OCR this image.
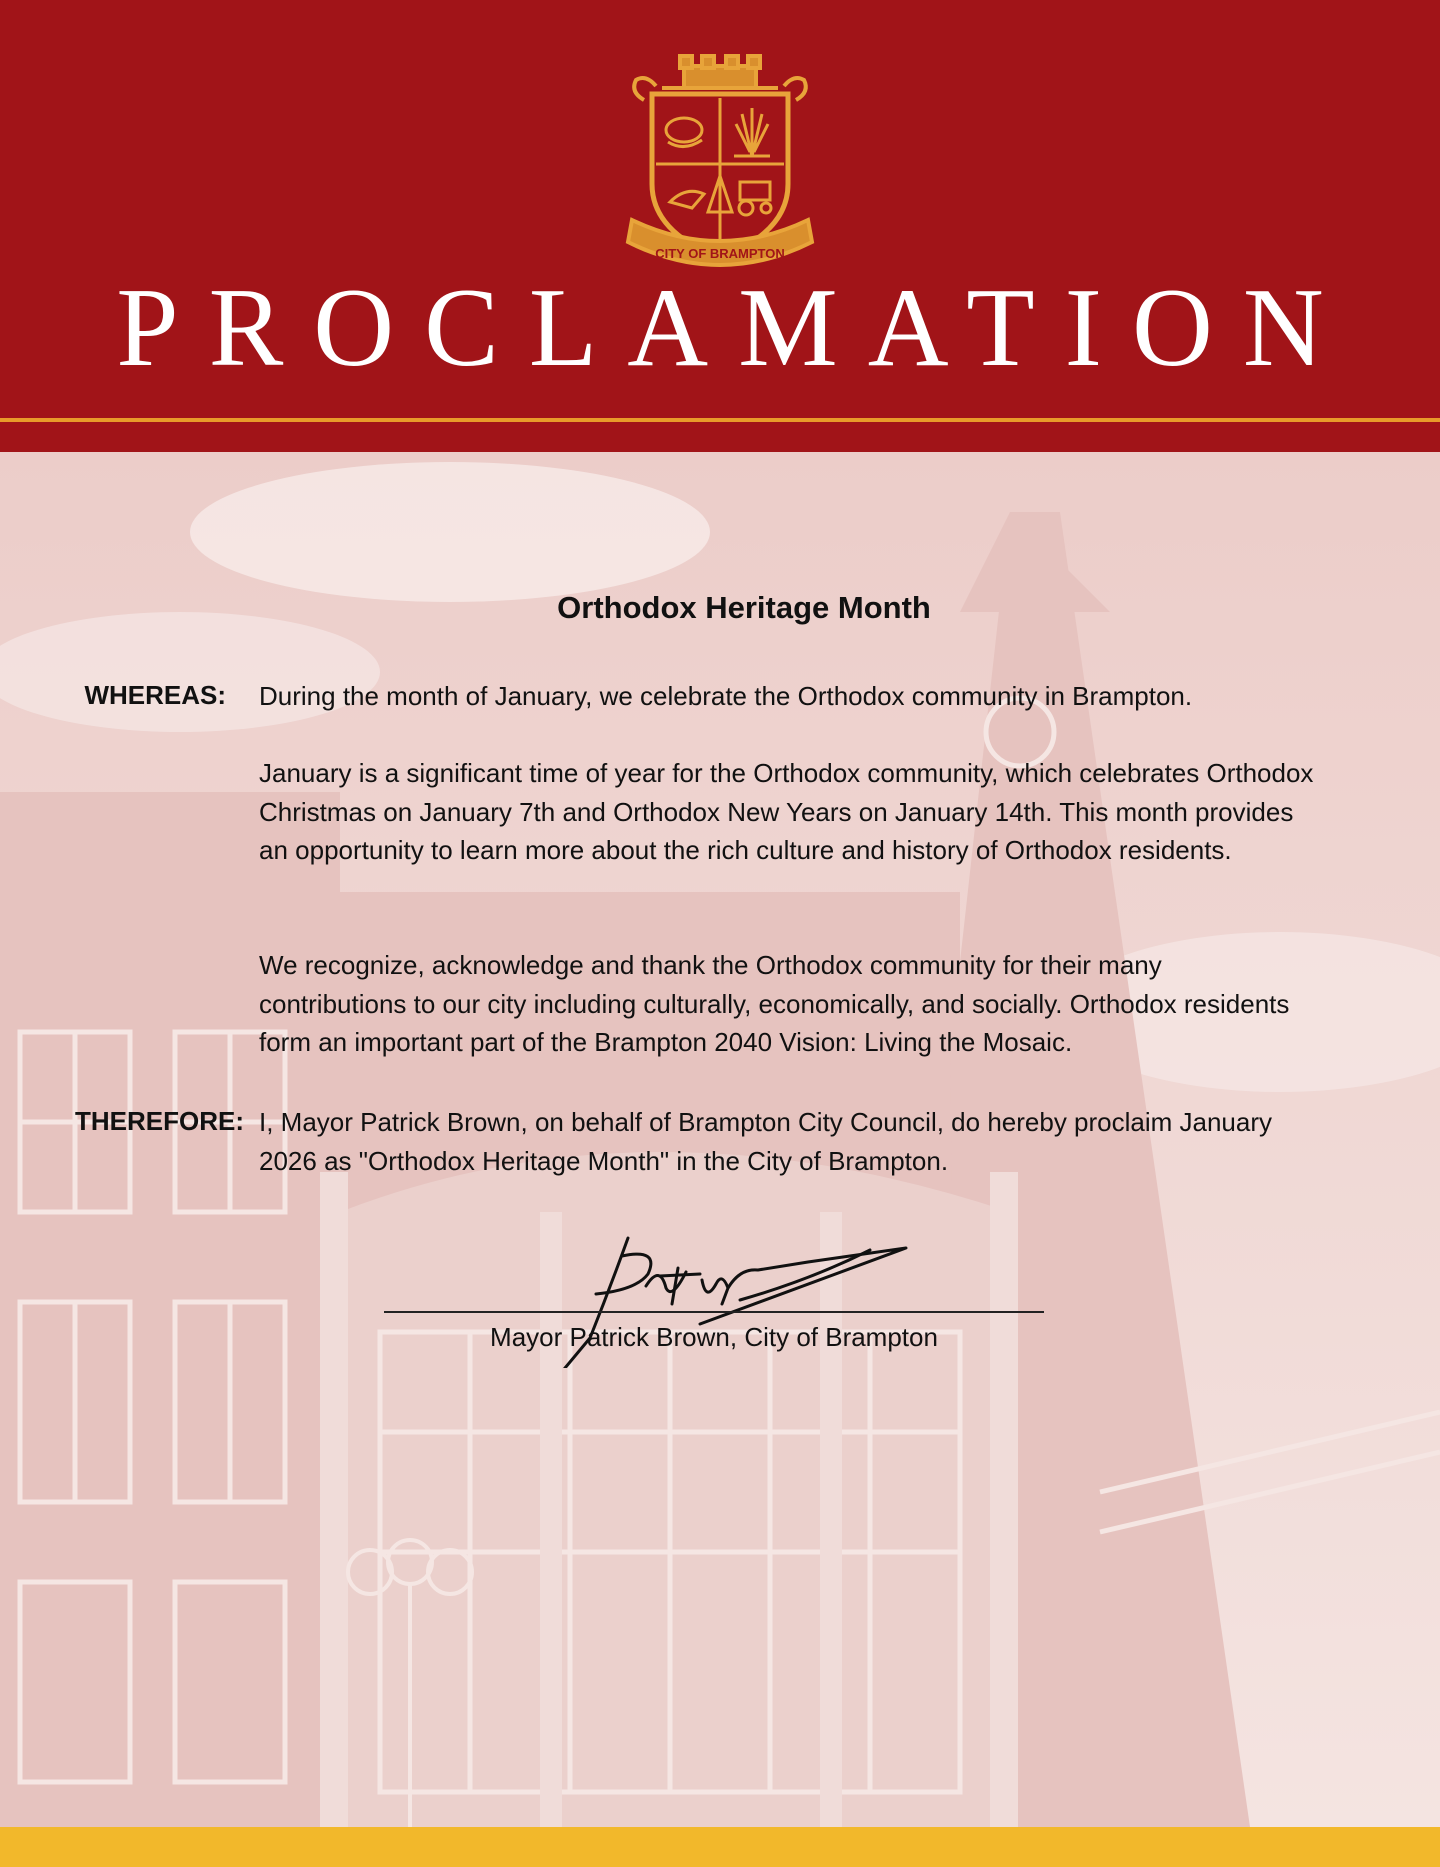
CITY OF BRAMPTON
PROCLAMATION
Orthodox Heritage Month
WHEREAS: During the month of January, we celebrate the Orthodox community in Brampton.
January is a significant time of year for the Orthodox community, which celebrates Orthodox Christmas on January 7th and Orthodox New Years on January 14th. This month provides an opportunity to learn more about the rich culture and history of Orthodox residents.
We recognize, acknowledge and thank the Orthodox community for their many contributions to our city including culturally, economically, and socially. Orthodox residents form an important part of the Brampton 2040 Vision: Living the Mosaic.
THEREFORE: I, Mayor Patrick Brown, on behalf of Brampton City Council, do hereby proclaim January 2026 as "Orthodox Heritage Month" in the City of Brampton.
Mayor Patrick Brown, City of Brampton
